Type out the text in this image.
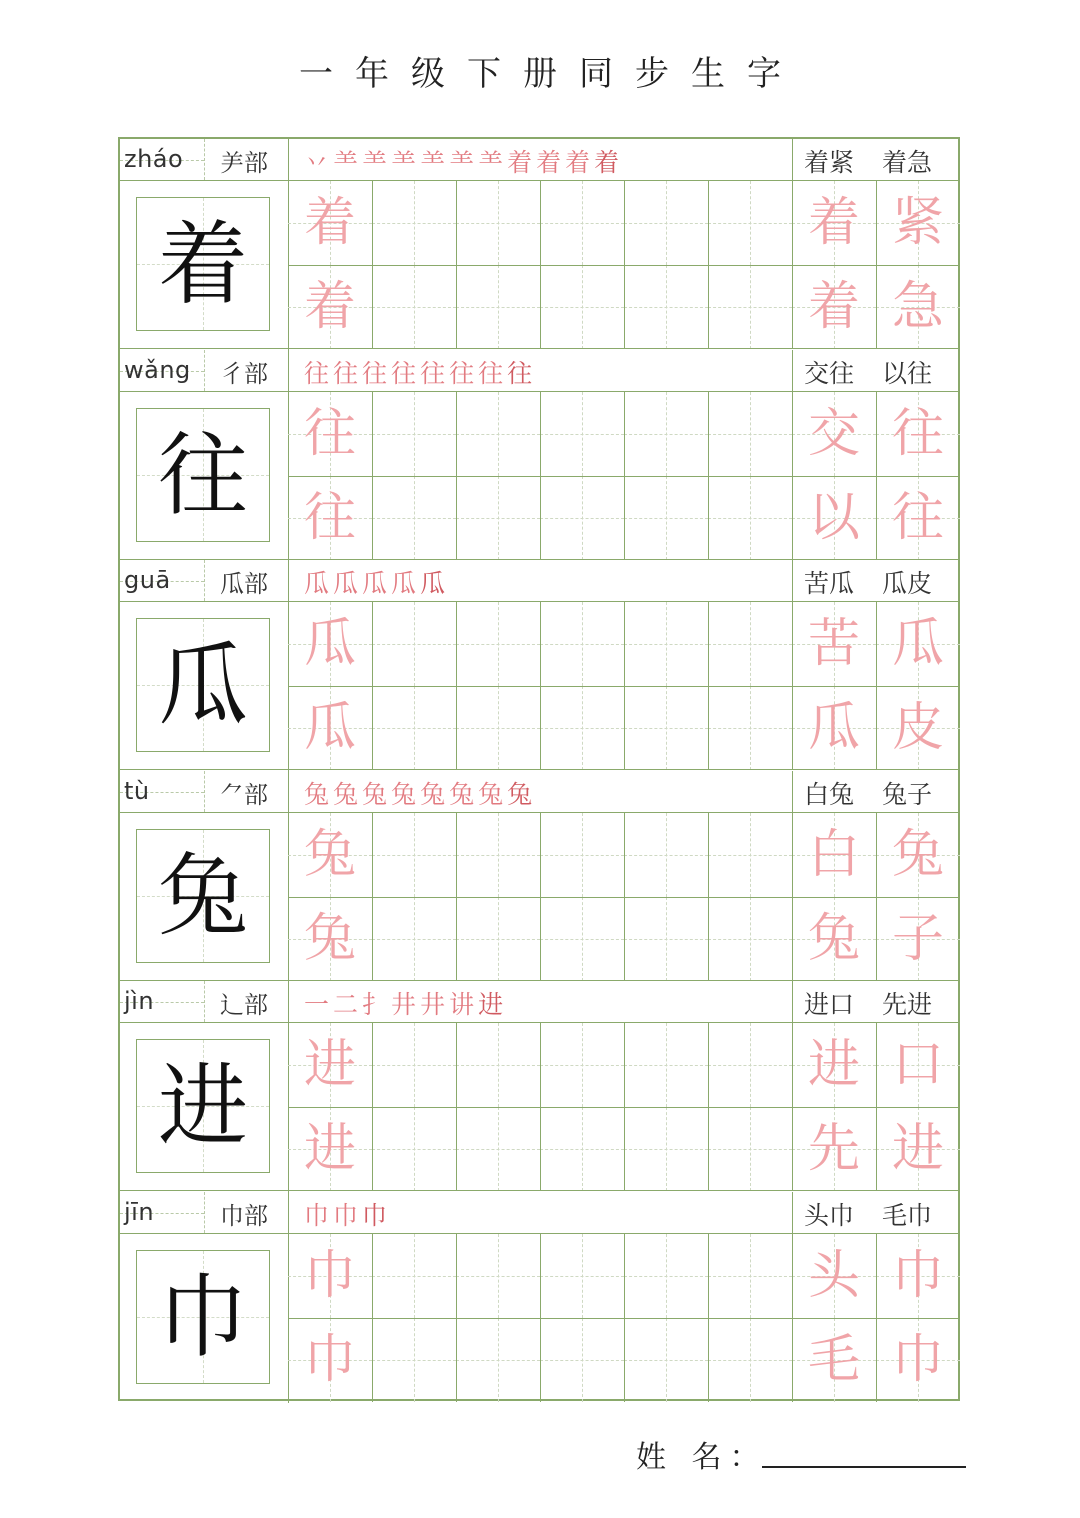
一年级下册同步生字
zháo ⺶部 丷⺷⺷⺷⺷⺷⺷着着着着	着紧 着急
着	着	着 紧
着	着 急
wǎng 彳部 往往往往往往往往	交往 以往
往	往	交 往
往	以 往
guā 瓜部 瓜瓜瓜瓜瓜	苦瓜 瓜皮
瓜	瓜	苦 瓜
瓜	瓜 皮
tù	⺈部 兔兔兔兔兔兔兔兔	白兔 兔子
兔	兔	白 兔
兔	兔 子
jìn	辶部 一二扌井井讲进	进口 先进
进	进	进 口
进	先 进
jīn	巾部 巾巾巾	头巾 毛巾
巾	巾	头 巾
巾	毛 巾
姓 名：
